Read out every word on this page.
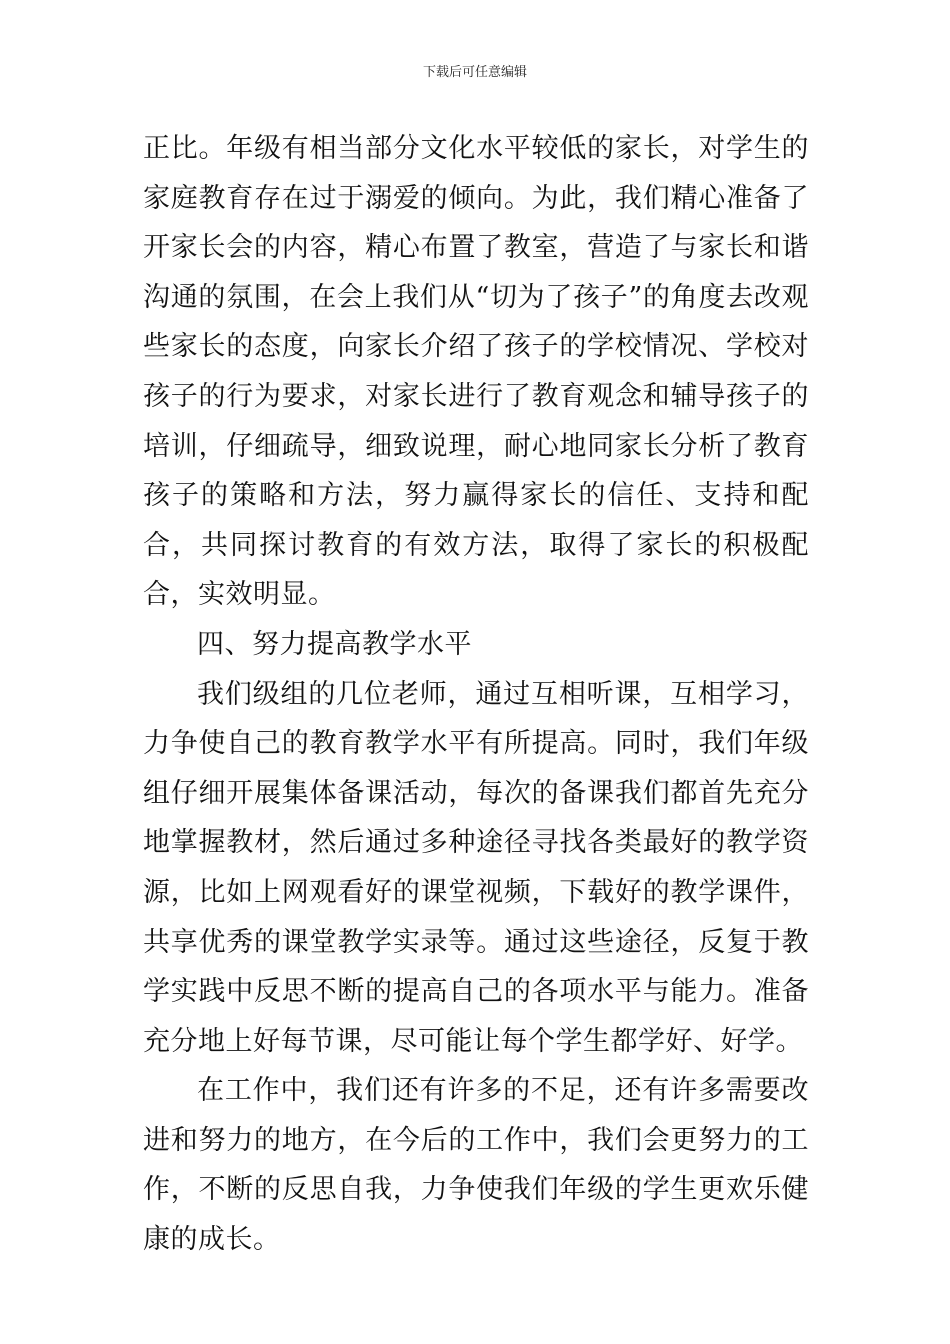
下载后可任意编辑

正比。年级有相当部分文化水平较低的家长，对学生的家庭教育存在过于溺爱的倾向。为此，我们精心准备了开家长会的内容，精心布置了教室，营造了与家长和谐沟通的氛围，在会上我们从“切为了孩子”的角度去改观些家长的态度，向家长介绍了孩子的学校情况、学校对孩子的行为要求，对家长进行了教育观念和辅导孩子的培训，仔细疏导，细致说理，耐心地同家长分析了教育孩子的策略和方法，努力赢得家长的信任、支持和配合，共同探讨教育的有效方法，取得了家长的积极配合，实效明显。

四、努力提高教学水平

我们级组的几位老师，通过互相听课，互相学习，力争使自己的教育教学水平有所提高。同时，我们年级组仔细开展集体备课活动，每次的备课我们都首先充分地掌握教材，然后通过多种途径寻找各类最好的教学资源，比如上网观看好的课堂视频，下载好的教学课件，共享优秀的课堂教学实录等。通过这些途径，反复于教学实践中反思不断的提高自己的各项水平与能力。准备充分地上好每节课，尽可能让每个学生都学好、好学。

在工作中，我们还有许多的不足，还有许多需要改进和努力的地方，在今后的工作中，我们会更努力的工作，不断的反思自我，力争使我们年级的学生更欢乐健康的成长。
